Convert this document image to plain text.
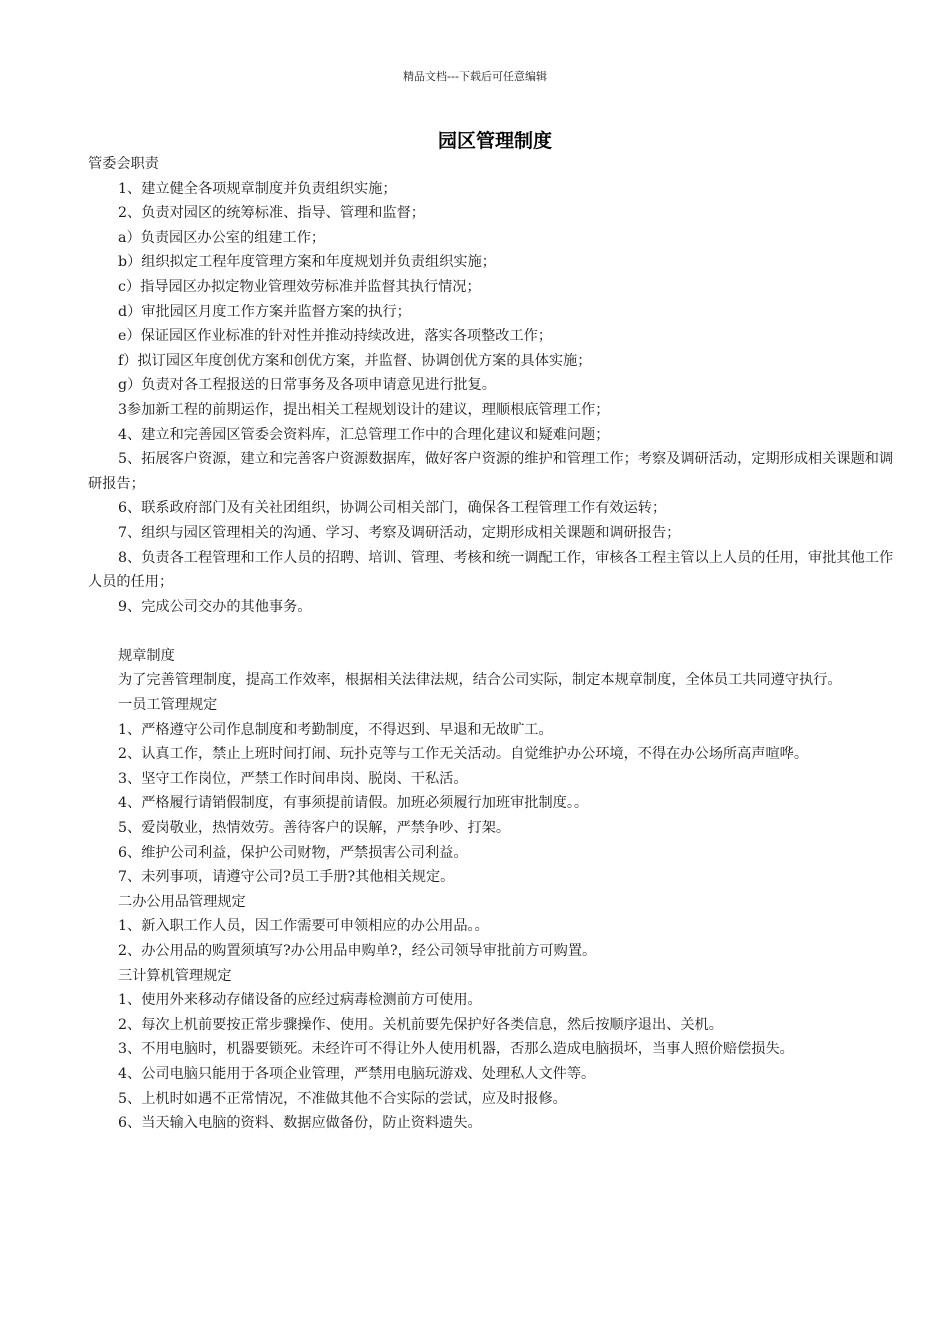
精品文档---下载后可任意编辑
园区管理制度

管委会职责

1、建立健全各项规章制度并负责组织实施；

2、负责对园区的统筹标准、指导、管理和监督；

a）负责园区办公室的组建工作；

b）组织拟定工程年度管理方案和年度规划并负责组织实施；

c）指导园区办拟定物业管理效劳标准并监督其执行情况；

d）审批园区月度工作方案并监督方案的执行；

e）保证园区作业标准的针对性并推动持续改进，落实各项整改工作；

f）拟订园区年度创优方案和创优方案，并监督、协调创优方案的具体实施；

g）负责对各工程报送的日常事务及各项申请意见进行批复。

3参加新工程的前期运作，提出相关工程规划设计的建议，理顺根底管理工作；

4、建立和完善园区管委会资料库，汇总管理工作中的合理化建议和疑难问题；

5、拓展客户资源，建立和完善客户资源数据库，做好客户资源的维护和管理工作；考察及调研活动，定期形成相关课题和调研报告；

6、联系政府部门及有关社团组织，协调公司相关部门，确保各工程管理工作有效运转；

7、组织与园区管理相关的沟通、学习、考察及调研活动，定期形成相关课题和调研报告；

8、负责各工程管理和工作人员的招聘、培训、管理、考核和统一调配工作，审核各工程主管以上人员的任用，审批其他工作人员的任用；

9、完成公司交办的其他事务。

规章制度

为了完善管理制度，提高工作效率，根据相关法律法规，结合公司实际，制定本规章制度，全体员工共同遵守执行。

一员工管理规定

1、严格遵守公司作息制度和考勤制度，不得迟到、早退和无故旷工。

2、认真工作，禁止上班时间打闹、玩扑克等与工作无关活动。自觉维护办公环境，不得在办公场所高声喧哗。

3、坚守工作岗位，严禁工作时间串岗、脱岗、干私活。

4、严格履行请销假制度，有事须提前请假。加班必须履行加班审批制度。。

5、爱岗敬业，热情效劳。善待客户的误解，严禁争吵、打架。

6、维护公司利益，保护公司财物，严禁损害公司利益。

7、未列事项，请遵守公司?员工手册?其他相关规定。

二办公用品管理规定

1、新入职工作人员，因工作需要可申领相应的办公用品。。

2、办公用品的购置须填写?办公用品申购单?，经公司领导审批前方可购置。

三计算机管理规定

1、使用外来移动存储设备的应经过病毒检测前方可使用。

2、每次上机前要按正常步骤操作、使用。关机前要先保护好各类信息，然后按顺序退出、关机。

3、不用电脑时，机器要锁死。未经许可不得让外人使用机器，否那么造成电脑损坏，当事人照价赔偿损失。

4、公司电脑只能用于各项企业管理，严禁用电脑玩游戏、处理私人文件等。

5、上机时如遇不正常情况，不准做其他不合实际的尝试，应及时报修。

6、当天输入电脑的资料、数据应做备份，防止资料遗失。
